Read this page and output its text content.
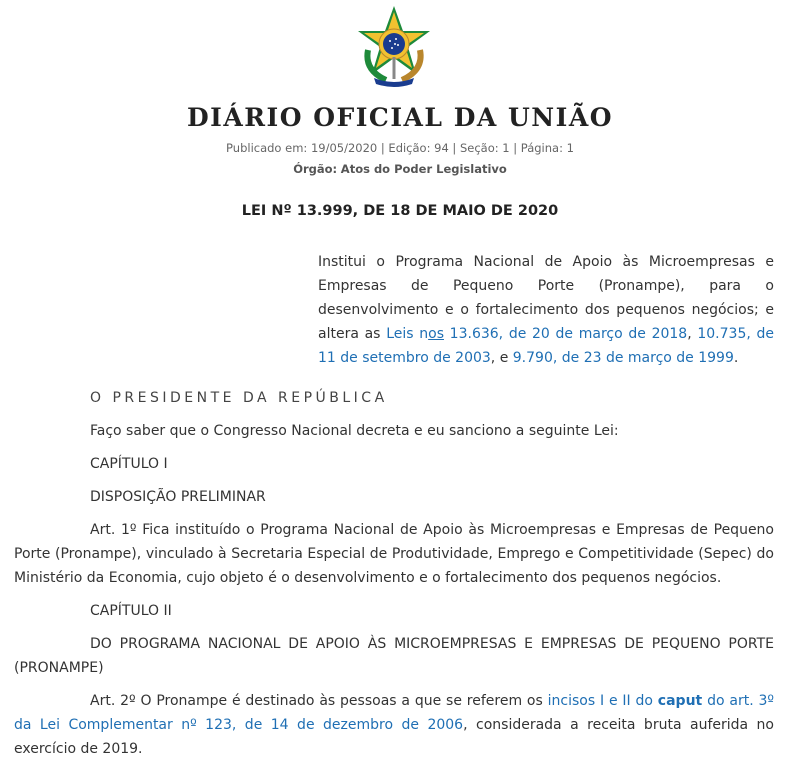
DIÁRIO OFICIAL DA UNIÃO
Publicado em: 19/05/2020 | Edição: 94 | Seção: 1 | Página: 1
Órgão: Atos do Poder Legislativo
LEI Nº 13.999, DE 18 DE MAIO DE 2020
Institui o Programa Nacional de Apoio às Microempresas e Empresas de Pequeno Porte (Pronampe), para o desenvolvimento e o fortalecimento dos pequenos negócios; e altera as Leis nos 13.636, de 20 de março de 2018, 10.735, de 11 de setembro de 2003, e 9.790, de 23 de março de 1999.

O PRESIDENTE DA REPÚBLICA

Faço saber que o Congresso Nacional decreta e eu sanciono a seguinte Lei:

CAPÍTULO I

DISPOSIÇÃO PRELIMINAR

Art. 1º Fica instituído o Programa Nacional de Apoio às Microempresas e Empresas de Pequeno Porte (Pronampe), vinculado à Secretaria Especial de Produtividade, Emprego e Competitividade (Sepec) do Ministério da Economia, cujo objeto é o desenvolvimento e o fortalecimento dos pequenos negócios.

CAPÍTULO II

DO PROGRAMA NACIONAL DE APOIO ÀS MICROEMPRESAS E EMPRESAS DE PEQUENO PORTE (PRONAMPE)

Art. 2º O Pronampe é destinado às pessoas a que se referem os incisos I e II do caput do art. 3º da Lei Complementar nº 123, de 14 de dezembro de 2006, considerada a receita bruta auferida no exercício de 2019.
